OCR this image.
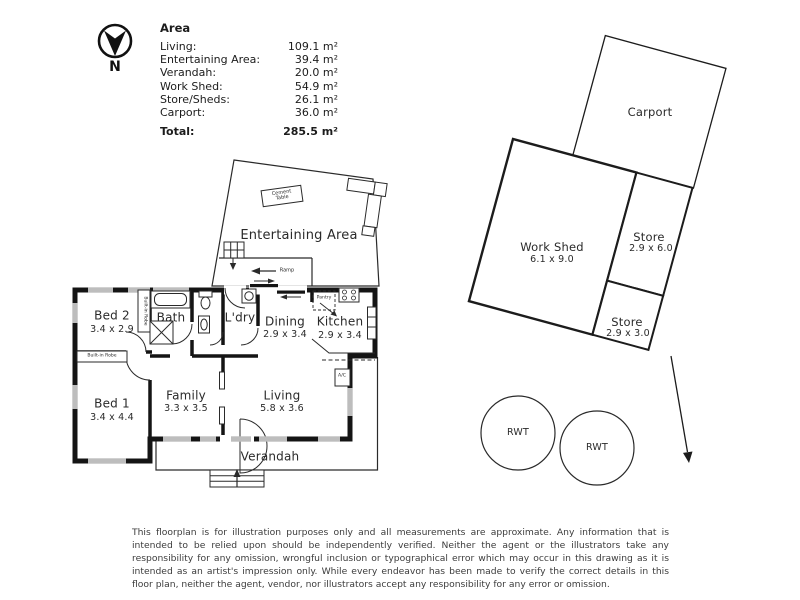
N
Area
Living:	109.1 m²
Entertaining Area:	39.4 m²
Verandah:	20.0 m²
Work Shed:	54.9 m²
Store/Sheds:	26.1 m²
Carport:	36.0 m²
Total:	285.5 m²
Entertaining Area
Cement Table
Ramp
Bed 2
3.4 x 2.9
Bath	L'dry Dining
2.9 x 3.4
Kitchen
2.9 x 3.4
Pantry
Bed 1
3.4 x 4.4
Family
3.3 x 3.5
Living
5.8 x 3.6
Verandah
Built-in Robe
Built-in Robe
A/C
Carport
Work Shed
6.1 x 9.0
Store
2.9 x 6.0
Store
2.9 x 3.0
RWT
RWT
This floorplan is for illustration purposes only and all measurements are approximate. Any information that is intended to be relied upon should be independently verified. Neither the agent or the illustrators take any responsibility for any omission, wrongful inclusion or typographical error which may occur in this drawing as it is intended as an artist's impression only. While every endeavor has been made to verify the correct details in this floor plan, neither the agent, vendor, nor illustrators accept any responsibility for any error or omission.
